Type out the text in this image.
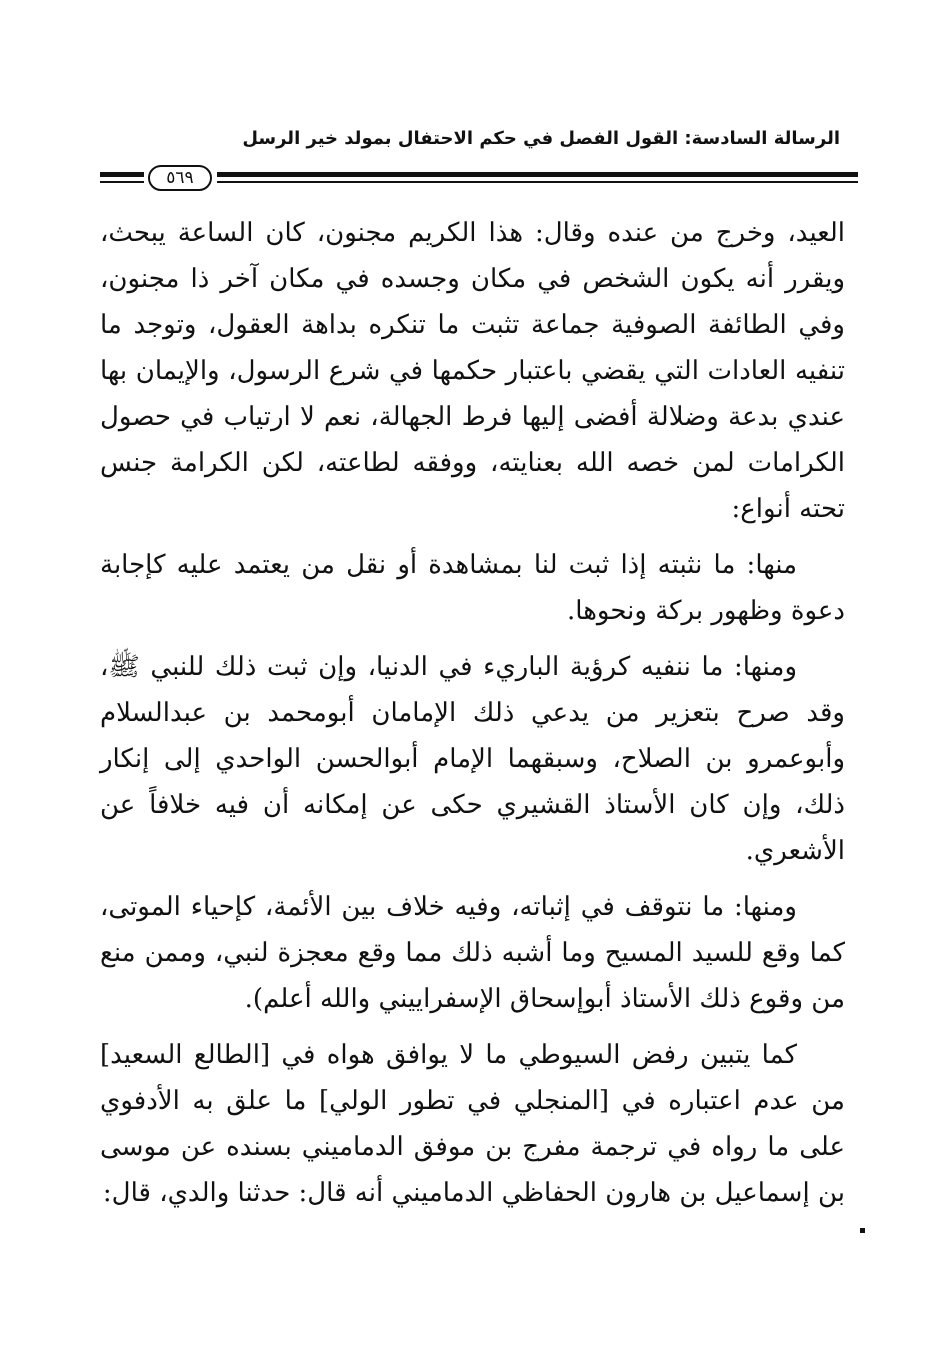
الرسالة السادسة: القول الفصل في حكم الاحتفال بمولد خير الرسل
٥٦٩

العيد، وخرج من عنده وقال: هذا الكريم مجنون، كان الساعة يبحث، ويقرر أنه يكون الشخص في مكان وجسده في مكان آخر ذا مجنون، وفي الطائفة الصوفية جماعة تثبت ما تنكره بداهة العقول، وتوجد ما تنفيه العادات التي يقضي باعتبار حكمها في شرع الرسول، والإيمان بها عندي بدعة وضلالة أفضى إليها فرط الجهالة، نعم لا ارتياب في حصول الكرامات لمن خصه الله بعنايته، ووفقه لطاعته، لكن الكرامة جنس تحته أنواع:

منها: ما نثبته إذا ثبت لنا بمشاهدة أو نقل من يعتمد عليه كإجابة دعوة وظهور بركة ونحوها.

ومنها: ما ننفيه كرؤية الباريء في الدنيا، وإن ثبت ذلك للنبي ﷺ، وقد صرح بتعزير من يدعي ذلك الإمامان أبومحمد بن عبدالسلام وأبوعمرو بن الصلاح، وسبقهما الإمام أبوالحسن الواحدي إلى إنكار ذلك، وإن كان الأستاذ القشيري حكى عن إمكانه أن فيه خلافاً عن الأشعري.

ومنها: ما نتوقف في إثباته، وفيه خلاف بين الأئمة، كإحياء الموتى، كما وقع للسيد المسيح وما أشبه ذلك مما وقع معجزة لنبي، وممن منع من وقوع ذلك الأستاذ أبوإسحاق الإسفراييني والله أعلم).

كما يتبين رفض السيوطي ما لا يوافق هواه في [الطالع السعيد] من عدم اعتباره في [المنجلي في تطور الولي] ما علق به الأدفوي على ما رواه في ترجمة مفرج بن موفق الدماميني بسنده عن موسى بن إسماعيل بن هارون الحفاظي الدماميني أنه قال: حدثنا والدي، قال:
